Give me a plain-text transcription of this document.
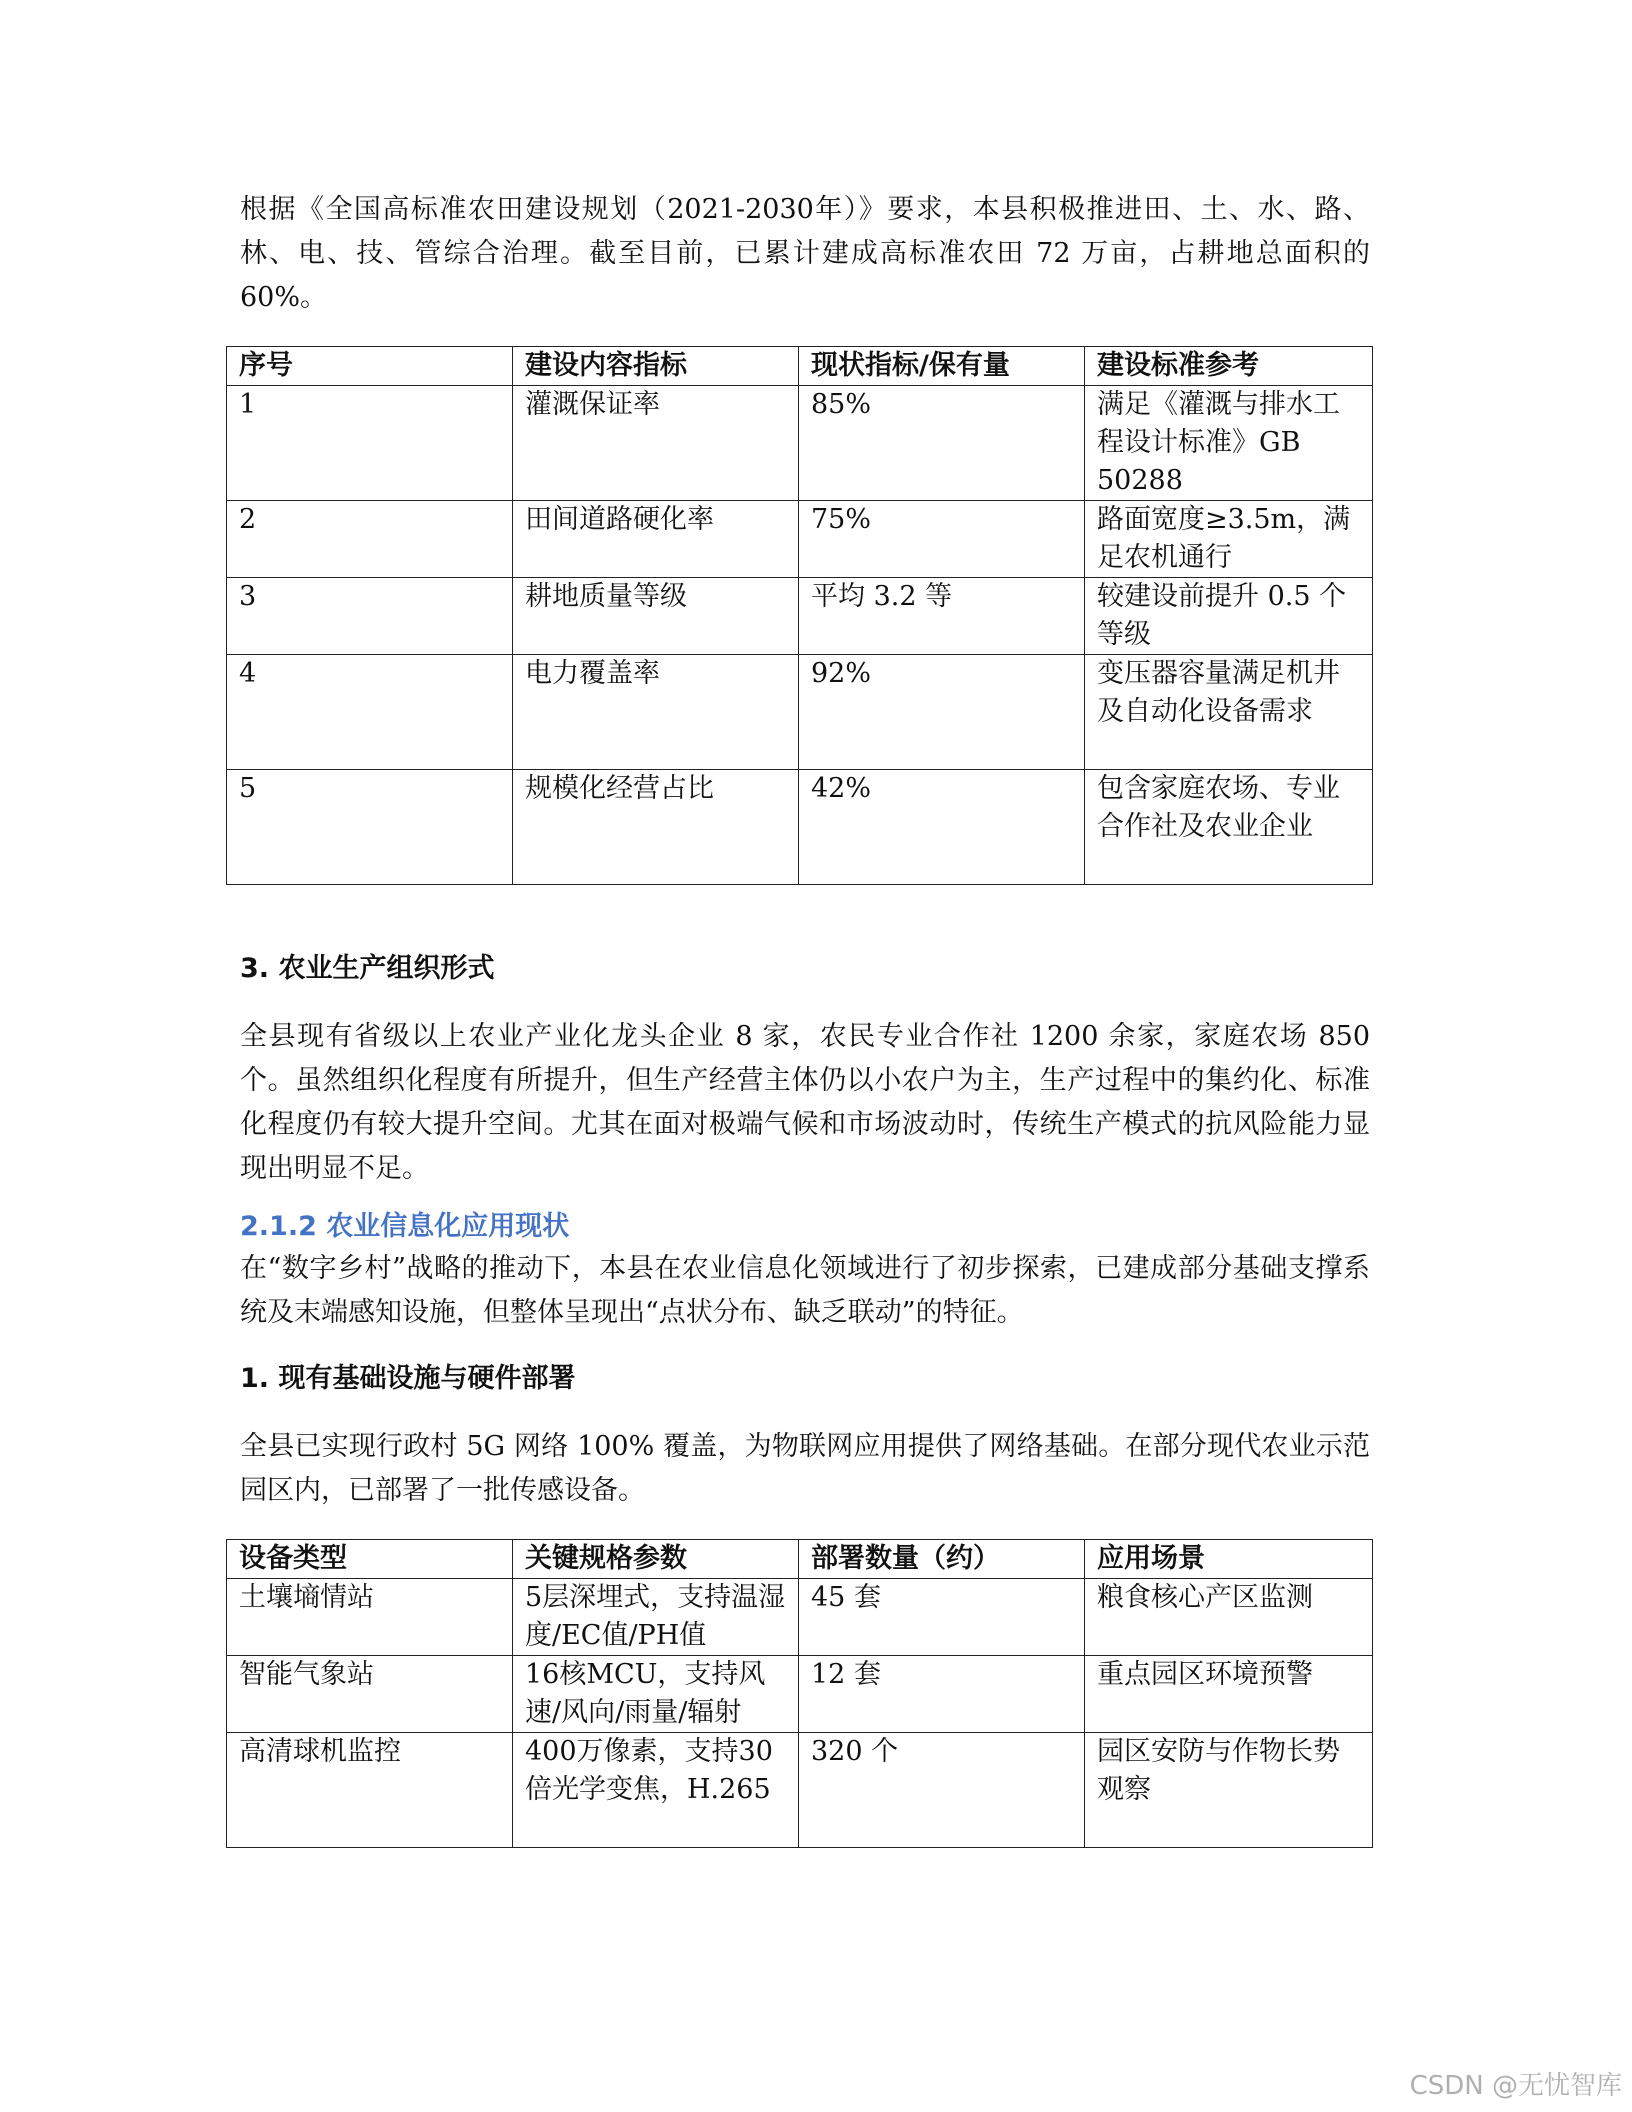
根据《全国高标准农田建设规划（2021-2030年）》要求，本县积极推进田、土、水、路、林、电、技、管综合治理。截至目前，已累计建成高标准农田 72 万亩，占耕地总面积的 60%。

序号	建设内容指标	现状指标/保有量	建设标准参考
1	灌溉保证率	85%	满足《灌溉与排水工程设计标准》GB 50288
2	田间道路硬化率	75%	路面宽度≥3.5m，满足农机通行
3	耕地质量等级	平均 3.2 等	较建设前提升 0.5 个等级
4	电力覆盖率	92%	变压器容量满足机井及自动化设备需求
5	规模化经营占比	42%	包含家庭农场、专业合作社及农业企业

3. 农业生产组织形式

全县现有省级以上农业产业化龙头企业 8 家，农民专业合作社 1200 余家，家庭农场 850 个。虽然组织化程度有所提升，但生产经营主体仍以小农户为主，生产过程中的集约化、标准化程度仍有较大提升空间。尤其在面对极端气候和市场波动时，传统生产模式的抗风险能力显现出明显不足。

2.1.2 农业信息化应用现状

在“数字乡村”战略的推动下，本县在农业信息化领域进行了初步探索，已建成部分基础支撑系统及末端感知设施，但整体呈现出“点状分布、缺乏联动”的特征。

1. 现有基础设施与硬件部署

全县已实现行政村 5G 网络 100% 覆盖，为物联网应用提供了网络基础。在部分现代农业示范园区内，已部署了一批传感设备。

设备类型	关键规格参数	部署数量（约）	应用场景
土壤墒情站	5层深埋式，支持温湿度/EC值/PH值	45 套	粮食核心产区监测
智能气象站	16核MCU，支持风速/风向/雨量/辐射	12 套	重点园区环境预警
高清球机监控	400万像素，支持30倍光学变焦，H.265	320 个	园区安防与作物长势观察
CSDN @无忧智库
